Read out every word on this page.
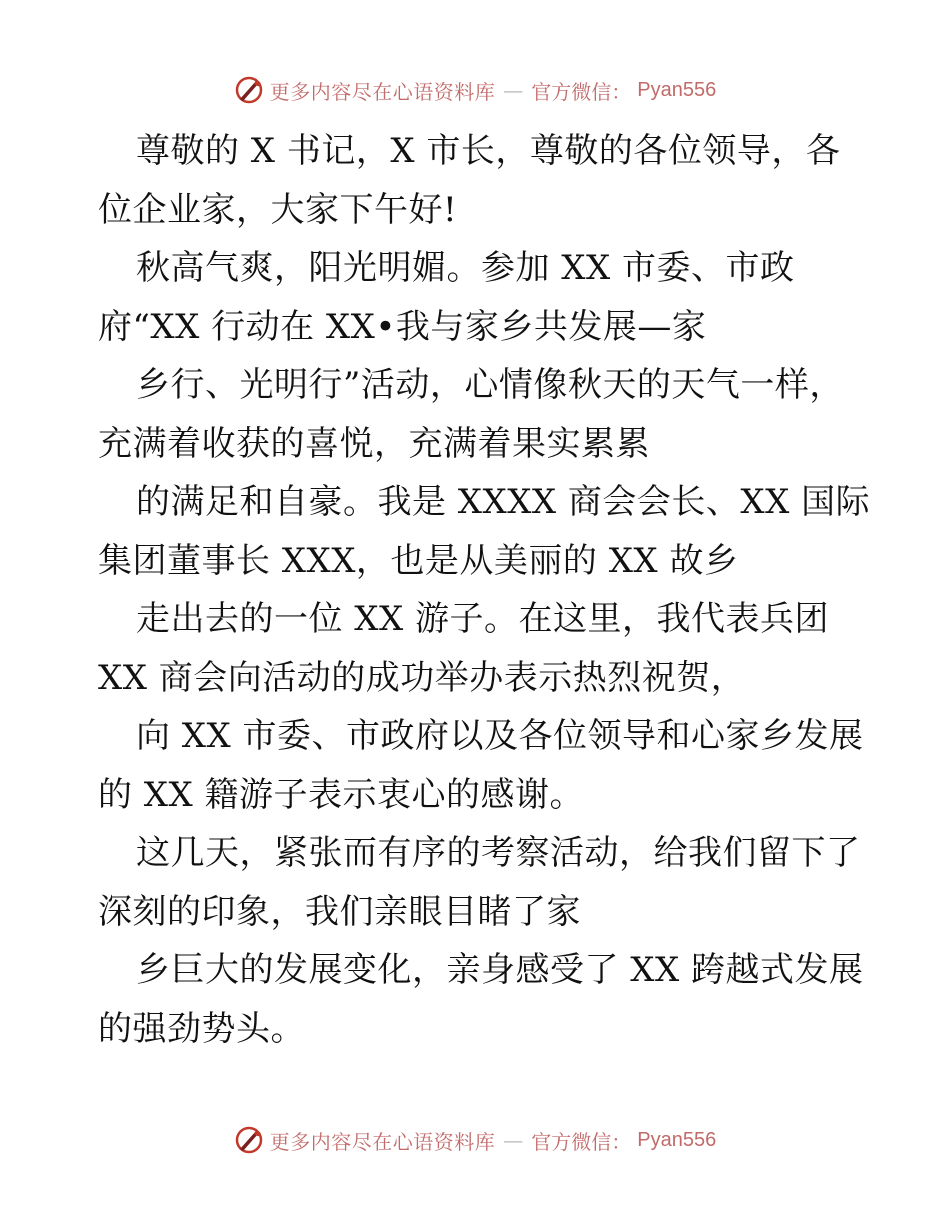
更多内容尽在心语资料库 — 官方微信： Pyan556
尊敬的 X 书记，X 市长，尊敬的各位领导，各
位企业家，大家下午好!
秋高气爽，阳光明媚。参加 XX 市委、市政
府“XX 行动在 XX•我与家乡共发展—家
乡行、光明行”活动，心情像秋天的天气一样，
充满着收获的喜悦，充满着果实累累
的满足和自豪。我是 XXXX 商会会长、XX 国际
集团董事长 XXX，也是从美丽的 XX 故乡
走出去的一位 XX 游子。在这里，我代表兵团
XX 商会向活动的成功举办表示热烈祝贺，
向 XX 市委、市政府以及各位领导和心家乡发展
的 XX 籍游子表示衷心的感谢。
这几天，紧张而有序的考察活动，给我们留下了
深刻的印象，我们亲眼目睹了家
乡巨大的发展变化，亲身感受了 XX 跨越式发展
的强劲势头。
更多内容尽在心语资料库 — 官方微信： Pyan556
